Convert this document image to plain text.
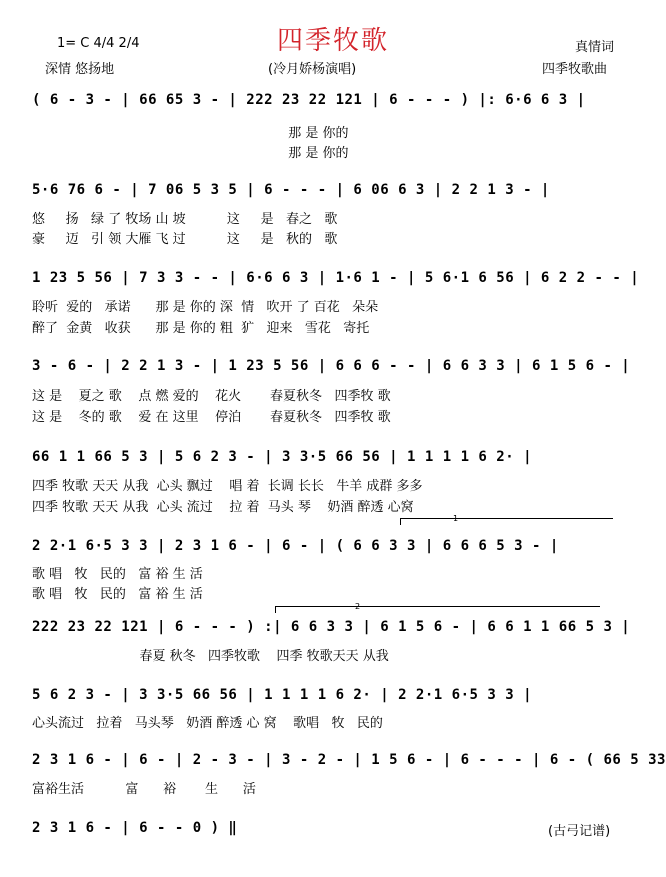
四季牧歌
1= C 4/4 2/4
深情 悠扬地	(冷月娇杨演唱)
真情词
四季牧歌曲
( 6 - 3 - | 66 65 3 - | 222 23 22 121 | 6 - - - ) |: 6·6 6 3 |
那 是 你的
那 是 你的
5·6 76 6 - | 7 06 5 3 5 | 6 - - - | 6 06 6 3 | 2 2 1 3 - |
悠     扬   绿 了 牧场 山 坡          这     是   春之   歌
豪     迈   引 领 大雁 飞 过          这     是   秋的   歌
1 23 5 56 | 7 3 3 - - | 6·6 6 3 | 1·6 1 - | 5 6·1 6 56 | 6 2 2 - - |
聆听  爱的   承诺      那 是 你的 深  情   吹开 了 百花   朵朵
醉了  金黄   收获      那 是 你的 粗  犷   迎来   雪花   寄托
3 - 6 - | 2 2 1 3 - | 1 23 5 56 | 6 6 6 - - | 6 6 3 3 | 6 1 5 6 - |
这 是    夏之 歌    点 燃 爱的    花火       春夏秋冬   四季牧 歌
这 是    冬的 歌    爱 在 这里    停泊       春夏秋冬   四季牧 歌
66 1 1 66 5 3 | 5 6 2 3 - | 3 3·5 66 56 | 1 1 1 1 6 2· |
四季 牧歌 天天 从我  心头 飘过    唱 着  长调 长长   牛羊 成群 多多
四季 牧歌 天天 从我  心头 流过    拉 着  马头 琴    奶酒 醉透 心窝
1
2 2·1 6·5 3 3 | 2 3 1 6 - | 6 - | ( 6 6 3 3 | 6 6 6 5 3 - |
歌 唱   牧   民的   富 裕 生 活
歌 唱   牧   民的   富 裕 生 活
2
222 23 22 121 | 6 - - - ) :| 6 6 3 3 | 6 1 5 6 - | 6 6 1 1 66 5 3 |
春夏 秋冬   四季牧歌    四季 牧歌天天 从我
5 6 2 3 - | 3 3·5 66 56 | 1 1 1 1 6 2· | 2 2·1 6·5 3 3 |
心头流过   拉着   马头琴   奶酒 醉透 心 窝    歌唱   牧   民的
2 3 1 6 - | 6 - | 2 - 3 - | 3 - 2 - | 1 5 6 - | 6 - - - | 6 - ( 66 5 33
富裕生活          富      裕       生      活
2 3 1 6 - | 6 - - 0 ) ‖	(古弓记谱)
